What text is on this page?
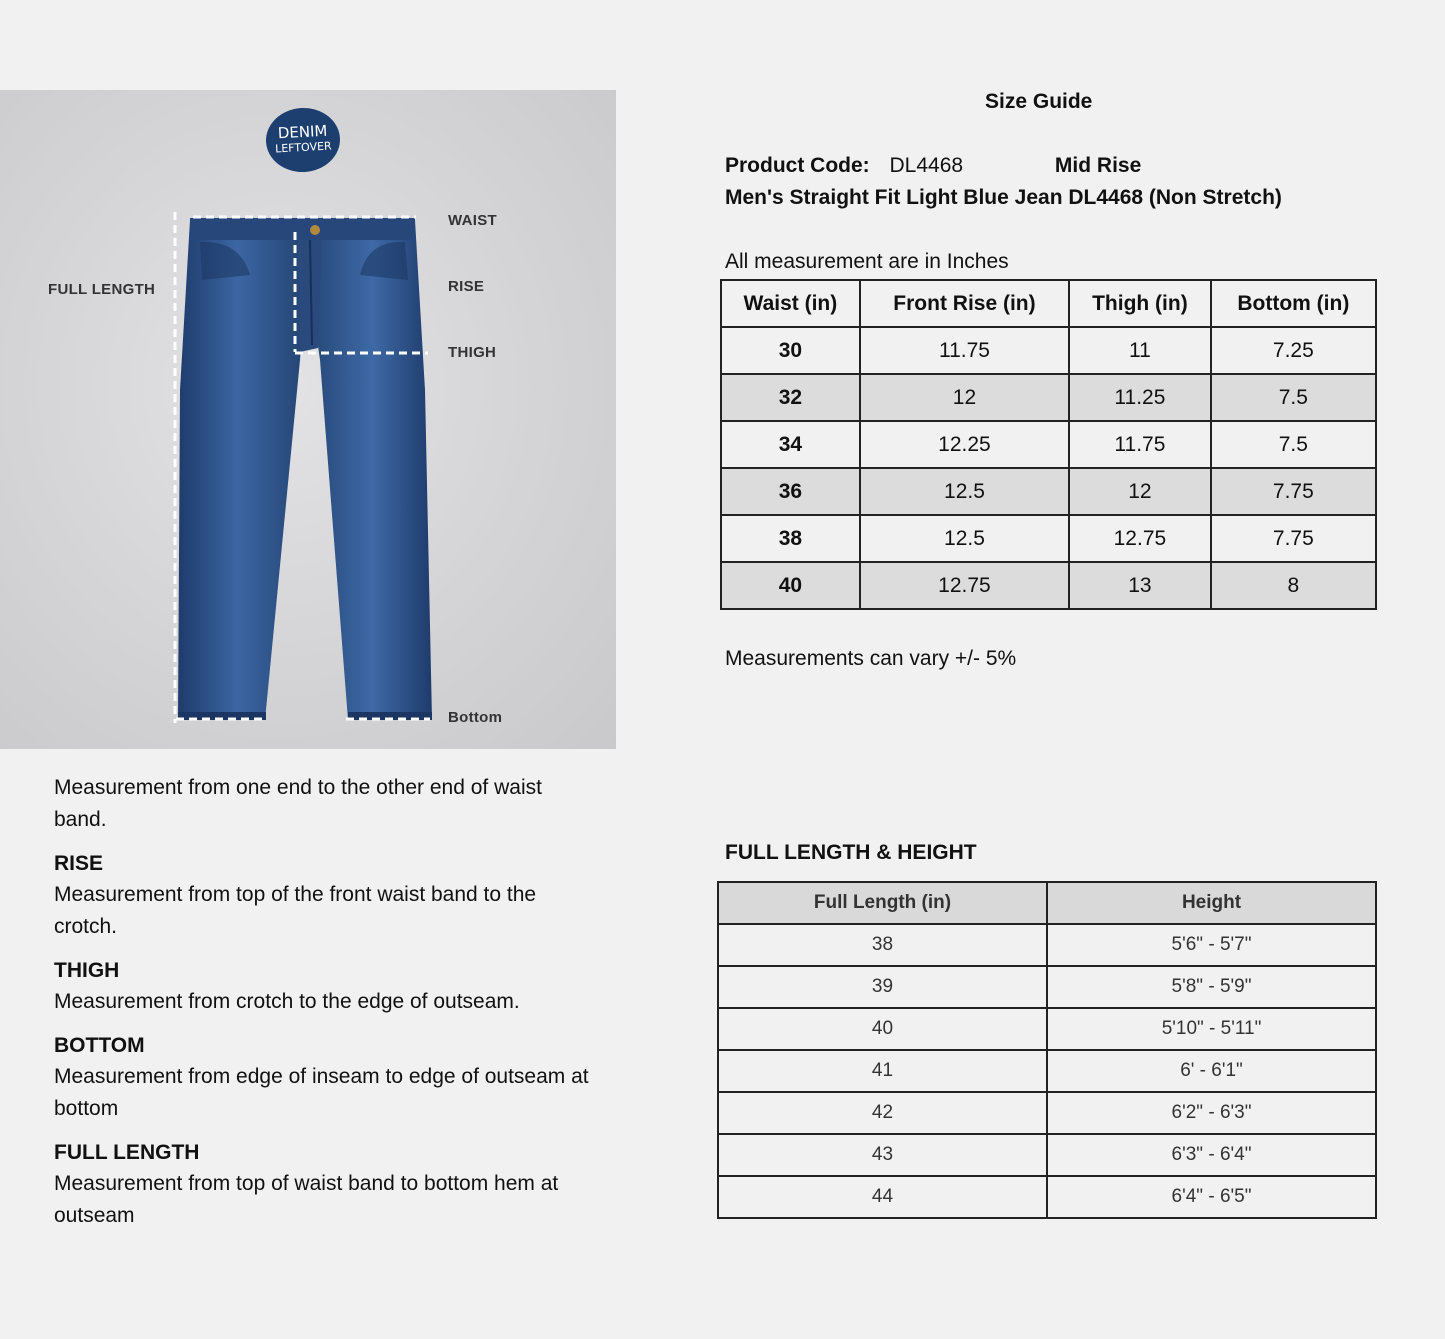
DENIM
LEFTOVER
WAIST
RISE
THIGH
FULL LENGTH
Bottom

Measurement from one end to the other end of waist band.

RISE

Measurement from top of the front waist band to the crotch.

THIGH

Measurement from crotch to the edge of outseam.

BOTTOM

Measurement from edge of inseam to edge of outseam at bottom

FULL LENGTH

Measurement from top of waist band to bottom hem at outseam

Size Guide
Product Code: DL4468	Mid Rise
Men's Straight Fit Light Blue Jean DL4468 (Non Stretch)
All measurement are in Inches
Waist (in)	Front Rise (in)	Thigh (in)	Bottom (in)
30	11.75	11	7.25
32	12	11.25	7.5
34	12.25	11.75	7.5
36	12.5	12	7.75
38	12.5	12.75	7.75
40	12.75	13	8
Measurements can vary +/- 5%
FULL LENGTH & HEIGHT
Full Length (in)	Height
38	5'6" - 5'7"
39	5'8" - 5'9"
40	5'10" - 5'11"
41	6' - 6'1"
42	6'2" - 6'3"
43	6'3" - 6'4"
44	6'4" - 6'5"
